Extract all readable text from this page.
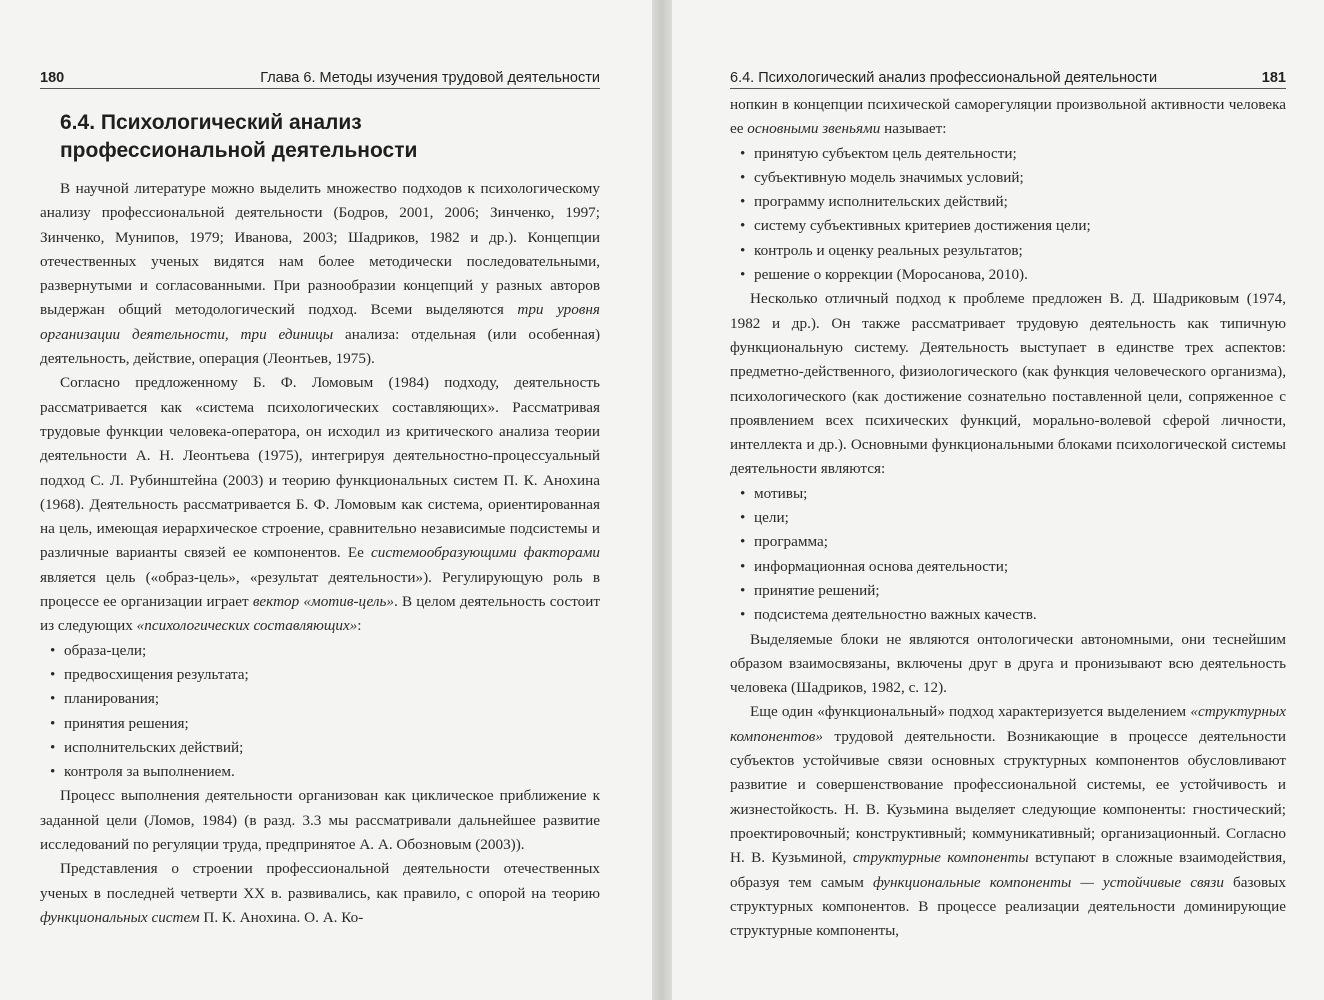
180	Глава 6. Методы изучения трудовой деятельности
6.4. Психологический анализ
профессиональной деятельности

В научной литературе можно выделить множество подходов к психологическому анализу профессиональной деятельности (Бодров, 2001, 2006; Зинченко, 1997; Зинченко, Мунипов, 1979; Иванова, 2003; Шадриков, 1982 и др.). Концепции отечественных ученых видятся нам более методически последовательными, развернутыми и согласованными. При разнообразии концепций у разных авторов выдержан общий методологический подход. Всеми выделяются три уровня организации деятельности, три единицы анализа: отдельная (или особенная) деятельность, действие, операция (Леонтьев, 1975).

Согласно предложенному Б. Ф. Ломовым (1984) подходу, деятельность рассматривается как «система психологических составляющих». Рассматривая трудовые функции человека-оператора, он исходил из критического анализа теории деятельности А. Н. Леонтьева (1975), интегрируя деятельностно-процессуальный подход С. Л. Рубинштейна (2003) и теорию функциональных систем П. К. Анохина (1968). Деятельность рассматривается Б. Ф. Ломовым как система, ориентированная на цель, имеющая иерархическое строение, сравнительно независимые подсистемы и различные варианты связей ее компонентов. Ее системообразующими факторами является цель («образ-цель», «результат деятельности»). Регулирующую роль в процессе ее организации играет вектор «мотив-цель». В целом деятельность состоит из следующих «психологических составляющих»:

• образа-цели;
• предвосхищения результата;
• планирования;
• принятия решения;
• исполнительских действий;
• контроля за выполнением.

Процесс выполнения деятельности организован как циклическое приближение к заданной цели (Ломов, 1984) (в разд. 3.3 мы рассматривали дальнейшее развитие исследований по регуляции труда, предпринятое А. А. Обозновым (2003)).

Представления о строении профессиональной деятельности отечественных ученых в последней четверти XX в. развивались, как правило, с опорой на теорию функциональных систем П. К. Анохина. О. А. Ко-

6.4. Психологический анализ профессиональной деятельности	181

нопкин в концепции психической саморегуляции произвольной активности человека ее основными звеньями называет:

• принятую субъектом цель деятельности;
• субъективную модель значимых условий;
• программу исполнительских действий;
• систему субъективных критериев достижения цели;
• контроль и оценку реальных результатов;
• решение о коррекции (Моросанова, 2010).

Несколько отличный подход к проблеме предложен В. Д. Шадриковым (1974, 1982 и др.). Он также рассматривает трудовую деятельность как типичную функциональную систему. Деятельность выступает в единстве трех аспектов: предметно-действенного, физиологического (как функция человеческого организма), психологического (как достижение сознательно поставленной цели, сопряженное с проявлением всех психических функций, морально-волевой сферой личности, интеллекта и др.). Основными функциональными блоками психологической системы деятельности являются:

• мотивы;
• цели;
• программа;
• информационная основа деятельности;
• принятие решений;
• подсистема деятельностно важных качеств.

Выделяемые блоки не являются онтологически автономными, они теснейшим образом взаимосвязаны, включены друг в друга и пронизывают всю деятельность человека (Шадриков, 1982, с. 12).

Еще один «функциональный» подход характеризуется выделением «структурных компонентов» трудовой деятельности. Возникающие в процессе деятельности субъектов устойчивые связи основных структурных компонентов обусловливают развитие и совершенствование профессиональной системы, ее устойчивость и жизнестойкость. Н. В. Кузьмина выделяет следующие компоненты: гностический; проектировочный; конструктивный; коммуникативный; организационный. Согласно Н. В. Кузьминой, структурные компоненты вступают в сложные взаимодействия, образуя тем самым функциональные компоненты — устойчивые связи базовых структурных компонентов. В процессе реализации деятельности доминирующие структурные компоненты,
